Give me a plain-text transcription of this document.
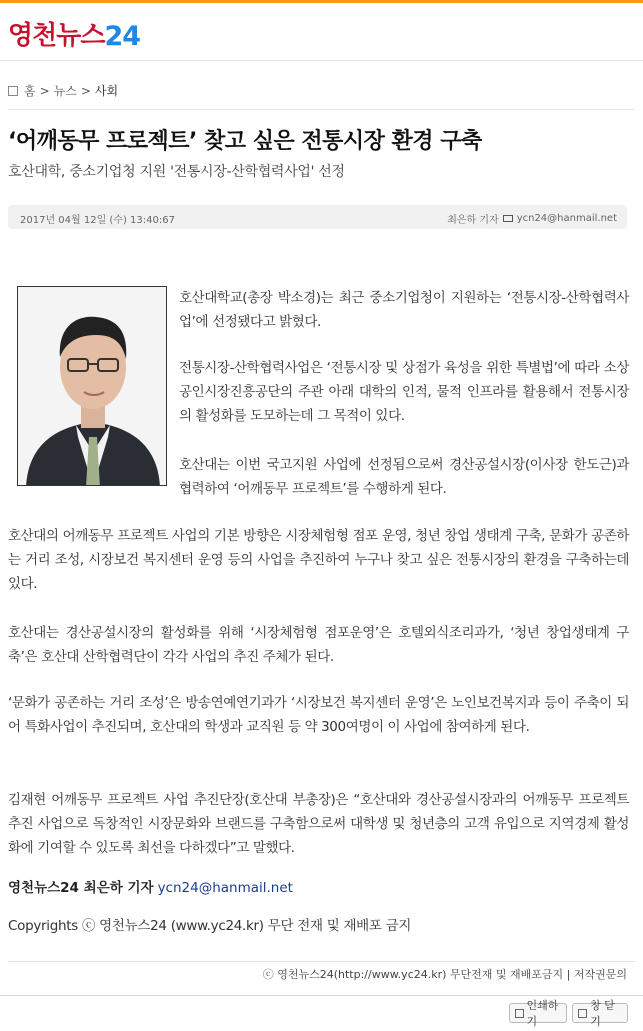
영천뉴스 24
홈 > 뉴스 > 사회
‘어깨동무 프로젝트’ 찾고 싶은 전통시장 환경 구축
호산대학, 중소기업청 지원 '전통시장-산학협력사업' 선정
2017년 04월 12일 (수) 13:40:67	최은하 기자 ycn24@hanmail.net
호산대학교(총장 박소경)는 최근 중소기업청이 지원하는 ‘전통시장-산학협력사업’에 선정됐다고 밝혔다.
전통시장-산학협력사업은 ‘전통시장 및 상점가 육성을 위한 특별법’에 따라 소상공인시장진흥공단의 주관 아래 대학의 인적, 물적 인프라를 활용해서 전통시장의 활성화를 도모하는데 그 목적이 있다.
호산대는 이번 국고지원 사업에 선정됨으로써 경산공설시장(이사장 한도근)과 협력하여 ‘어깨동무 프로젝트’를 수행하게 된다.
호산대의 어깨동무 프로젝트 사업의 기본 방향은 시장체험형 점포 운영, 청년 창업 생태계 구축, 문화가 공존하는 거리 조성, 시장보건 복지센터 운영 등의 사업을 추진하여 누구나 찾고 싶은 전통시장의 환경을 구축하는데 있다.
호산대는 경산공설시장의 활성화를 위해 ‘시장체험형 점포운영’은 호텔외식조리과가, ‘청년 창업생태계 구축’은 호산대 산학협력단이 각각 사업의 추진 주체가 된다.
‘문화가 공존하는 거리 조성’은 방송연예연기과가 ‘시장보건 복지센터 운영’은 노인보건복지과 등이 주축이 되어 특화사업이 추진되며, 호산대의 학생과 교직원 등 약 300여명이 이 사업에 참여하게 된다.
김재현 어깨동무 프로젝트 사업 추진단장(호산대 부총장)은 “호산대와 경산공설시장과의 어깨동무 프로젝트 추진 사업으로 독창적인 시장문화와 브랜드를 구축함으로써 대학생 및 청년층의 고객 유입으로 지역경제 활성화에 기여할 수 있도록 최선을 다하겠다”고 말했다.
영천뉴스24 최은하 기자 ycn24@hanmail.net
Copyrights ⓒ 영천뉴스24 (www.yc24.kr) 무단 전재 및 재배포 금지
ⓒ 영천뉴스24(http://www.yc24.kr) 무단전재 및 재배포금지 | 저작권문의
인쇄하기
창 닫기
